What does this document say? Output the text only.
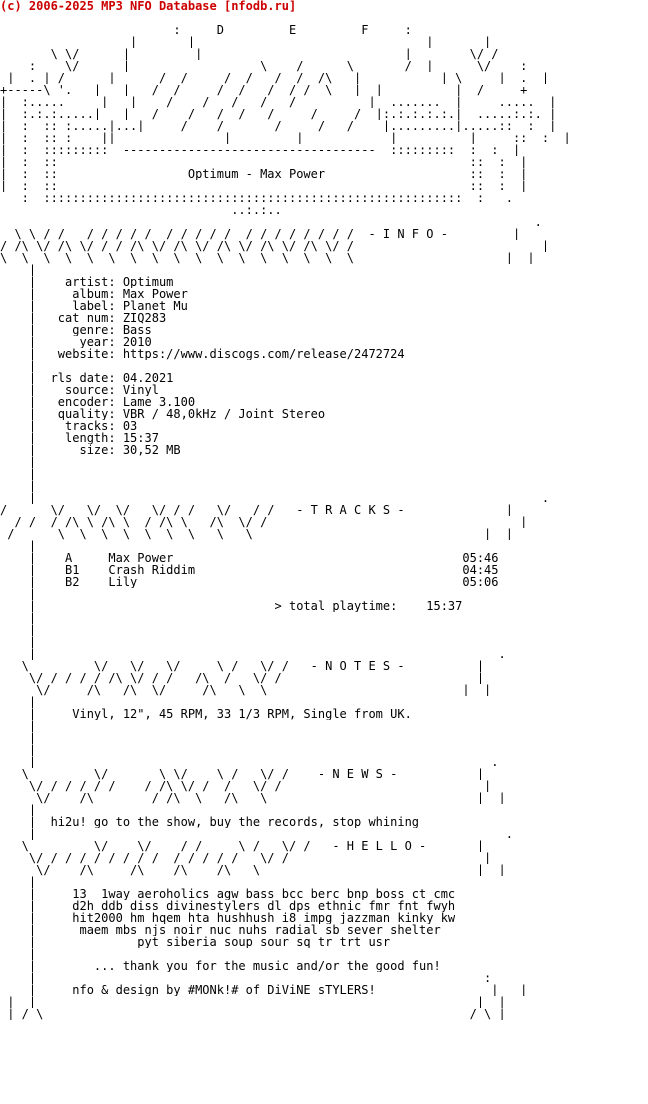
(c) 2006-2025 MP3 NFO Database [nfodb.ru]
_:_    D         E         F    _:_
__        _|       |_                              _|       |_       __
\_\/______|         |________   _______________  |_______ \/_/
_:_   \/      |      ____       _\    /      \_      /  |      \/   _:_
|_ . |_/______|_     /  /     /  /   /  /  /\   |_ _______ _|_\____ |_ . _|
+-----\ '.   |   |___/  /_____/__/___/__/_/  \___|  |          |  /_____+
|  :.....     |   |    /    /   /   /   /    _____ |  .......  |     .....  |
|  :.:.:.....|   |   /    /   /  /___/___  /  ___/  |:.:.:.:.:.|  .....:.:. |
|  :  :: :.....|...|_____/____/_______/_____/   /____|.........|.....::  :  |
|  :  :: :    ||_______________|         |____________|          |     ::  :  |
|  :  :::::::::  -----------------------------------  :::::::::  :  :  |
|  :  ::                                                         ::  :  |
|  :  ::                  Optimum - Max Power                    ::  :  |
|  :  ::                                                         ::  :  |
:  ::::::::::::::::::::::::::::::::::::::::::::::::::::::::::  :   .
..:.:..
__   __    __  __  ___  __  __   __  ____  __ ______________________  __.
_\ \_/ /__ / /_/ /_/  /_/ /_/ /__/ /_/ /_/ /_/ /  - I N F O -         |
/_/\_\/_/\_\/_/ /_/\_\/_/\_\/_/\_\/_/\_\/_/\_\/_/                          |
\__\__\__\__\__\__\__\__\__\__\__\__\__\__\__\__\_____________________|__|
|
|    artist: Optimum
|     album: Max Power
|     label: Planet Mu
|   cat num: ZIQ283
|     genre: Bass
|      year: 2010
|   website: https://www.discogs.com/release/2472724
|
|  rls date: 04.2021
|    source: Vinyl
|   encoder: Lame 3.100
|   quality: VBR / 48,0kHz / Joint Stereo
|    tracks: 03
|    length: 15:37
|      size: 30,52 MB
|
|      ________________________________________________
|
___|__  ___  __  ___  __  ___  ___  __________________________________  __.
/__  __\/ _ \/ _\/ __\/ /_/ __\/ __/ /   - T R A C K S -              |
/_/  /_/\_\_/\_\__/_/\_\___/\__\/_/                                   |
/______\__\__\__\__\__\__\___\___\________________________________|__|
|
|    A     Max Power                                        05:46
|    B1    Crash Riddim                                     04:45
|    B2    Lily                                             05:06
|
|                                 > total playtime:    15:37
|
|      ________________________________________________
|
_|________  ___  ___  ______  _____  _________________________  __.
\  __  __ \/ _ \/ __\/ ___ \_/ __\/ /   - N O T E S -          |
\/_/ /_/ /_/\_\/_/ /___/\__/ __\/_/                           |
\/_____/\___/\__\/_____/\___\__\___________________________|__|
|
|     Vinyl, 12", 45 RPM, 33 1/3 RPM, Single from UK.
|
|      ________________________________________________
|
_|________  _________  ______  ______________________________  __.
\  __  __ \/ _____ \ \/  __\_/ __\/ /    - N E W S -           |
\/ /_/ /_/ /____/ /\ \/ /__/ __\/_/                            |
\/____/\________/ /\__\___/\___\_____________________________|__|
|
|  hi2u! go to the show, buy the records, stop whining
_|________  ____  _____  ______  ______________________________  __.
\  __  __ \/ __ \/ ___/ /  __ \_/ __\/ /   - H E L L O -       |
\/ /_/ /_/ /_/ / /__/ /_/ /_/ __\/_/                           |
\/____/\_____/\____/\____/\___\______________________________|__|
|
|     13  1way aeroholics agw bass bcc berc bnp boss ct cmc
|     d2h ddb diss divinestylers dl dps ethnic fmr fnt fwyh
|     hit2000 hm hqem hta hushhush i8 impg jazzman kinky kw
|      maem mbs njs noir nuc nuhs radial sb sever shelter
|              pyt siberia soup sour sq tr trt usr
|
|        ... thank you for the music and/or the good fun!
_|___________________________________________________________  _:_
|     nfo & design by #MONk!# of DiViNE sTYLERS!                |   |
|  |_____________________________________________________________|  |
|_/ \                                                           / \_|
